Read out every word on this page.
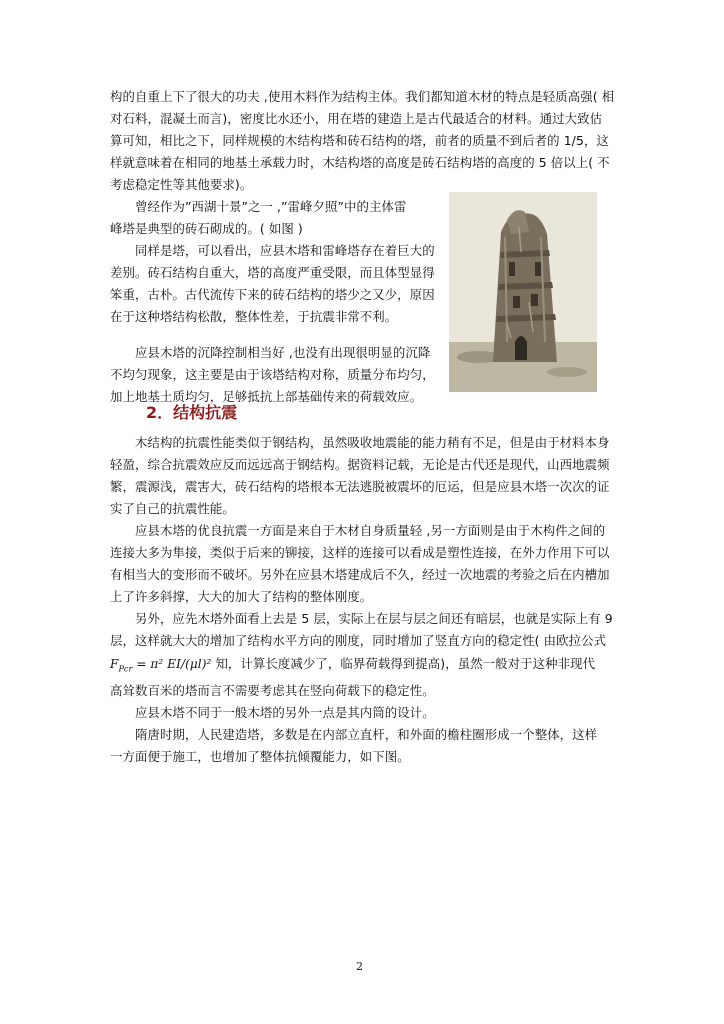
构的自重上下了很大的功夫 ,使用木料作为结构主体。我们都知道木材的特点是轻质高强( 相
对石料，混凝土而言)，密度比水还小，用在塔的建造上是古代最适合的材料。通过大致估
算可知，相比之下，同样规模的木结构塔和砖石结构的塔，前者的质量不到后者的 1/5，这
样就意味着在相同的地基土承载力时，木结构塔的高度是砖石结构塔的高度的 5 倍以上( 不
考虑稳定性等其他要求)。
曾经作为”西湖十景”之一 ,”雷峰夕照”中的主体雷
峰塔是典型的砖石砌成的。( 如图 )
同样是塔，可以看出，应县木塔和雷峰塔存在着巨大的
差别。砖石结构自重大，塔的高度严重受限，而且体型显得
笨重，古朴。古代流传下来的砖石结构的塔少之又少，原因
在于这种塔结构松散，整体性差，于抗震非常不利。
应县木塔的沉降控制相当好 ,也没有出现很明显的沉降
不均匀现象，这主要是由于该塔结构对称，质量分布均匀，
加上地基土质均匀，足够抵抗上部基础传来的荷载效应。
2．结构抗震
木结构的抗震性能类似于钢结构，虽然吸收地震能的能力稍有不足，但是由于材料本身
轻盈，综合抗震效应反而远远高于钢结构。据资料记载，无论是古代还是现代，山西地震频
繁，震源浅，震害大，砖石结构的塔根本无法逃脱被震坏的厄运，但是应县木塔一次次的证
实了自己的抗震性能。
应县木塔的优良抗震一方面是来自于木材自身质量轻 ,另一方面则是由于木构件之间的
连接大多为隼接，类似于后来的铆接，这样的连接可以看成是塑性连接，在外力作用下可以
有相当大的变形而不破坏。另外在应县木塔建成后不久，经过一次地震的考验之后在内槽加
上了许多斜撑，大大的加大了结构的整体刚度。
另外，应先木塔外面看上去是 5 层，实际上在层与层之间还有暗层，也就是实际上有 9
层，这样就大大的增加了结构水平方向的刚度，同时增加了竖直方向的稳定性( 由欧拉公式
$F_{Pcr} = \pi^2$ EI/(μl)² 知，计算长度减少了，临界荷载得到提高)，虽然一般对于这种非现代
高耸数百米的塔而言不需要考虑其在竖向荷载下的稳定性。
应县木塔不同于一般木塔的另外一点是其内筒的设计。
隋唐时期，人民建造塔，多数是在内部立直杆，和外面的檐柱圈形成一个整体，这样
一方面便于施工，也增加了整体抗倾覆能力，如下图。
2
